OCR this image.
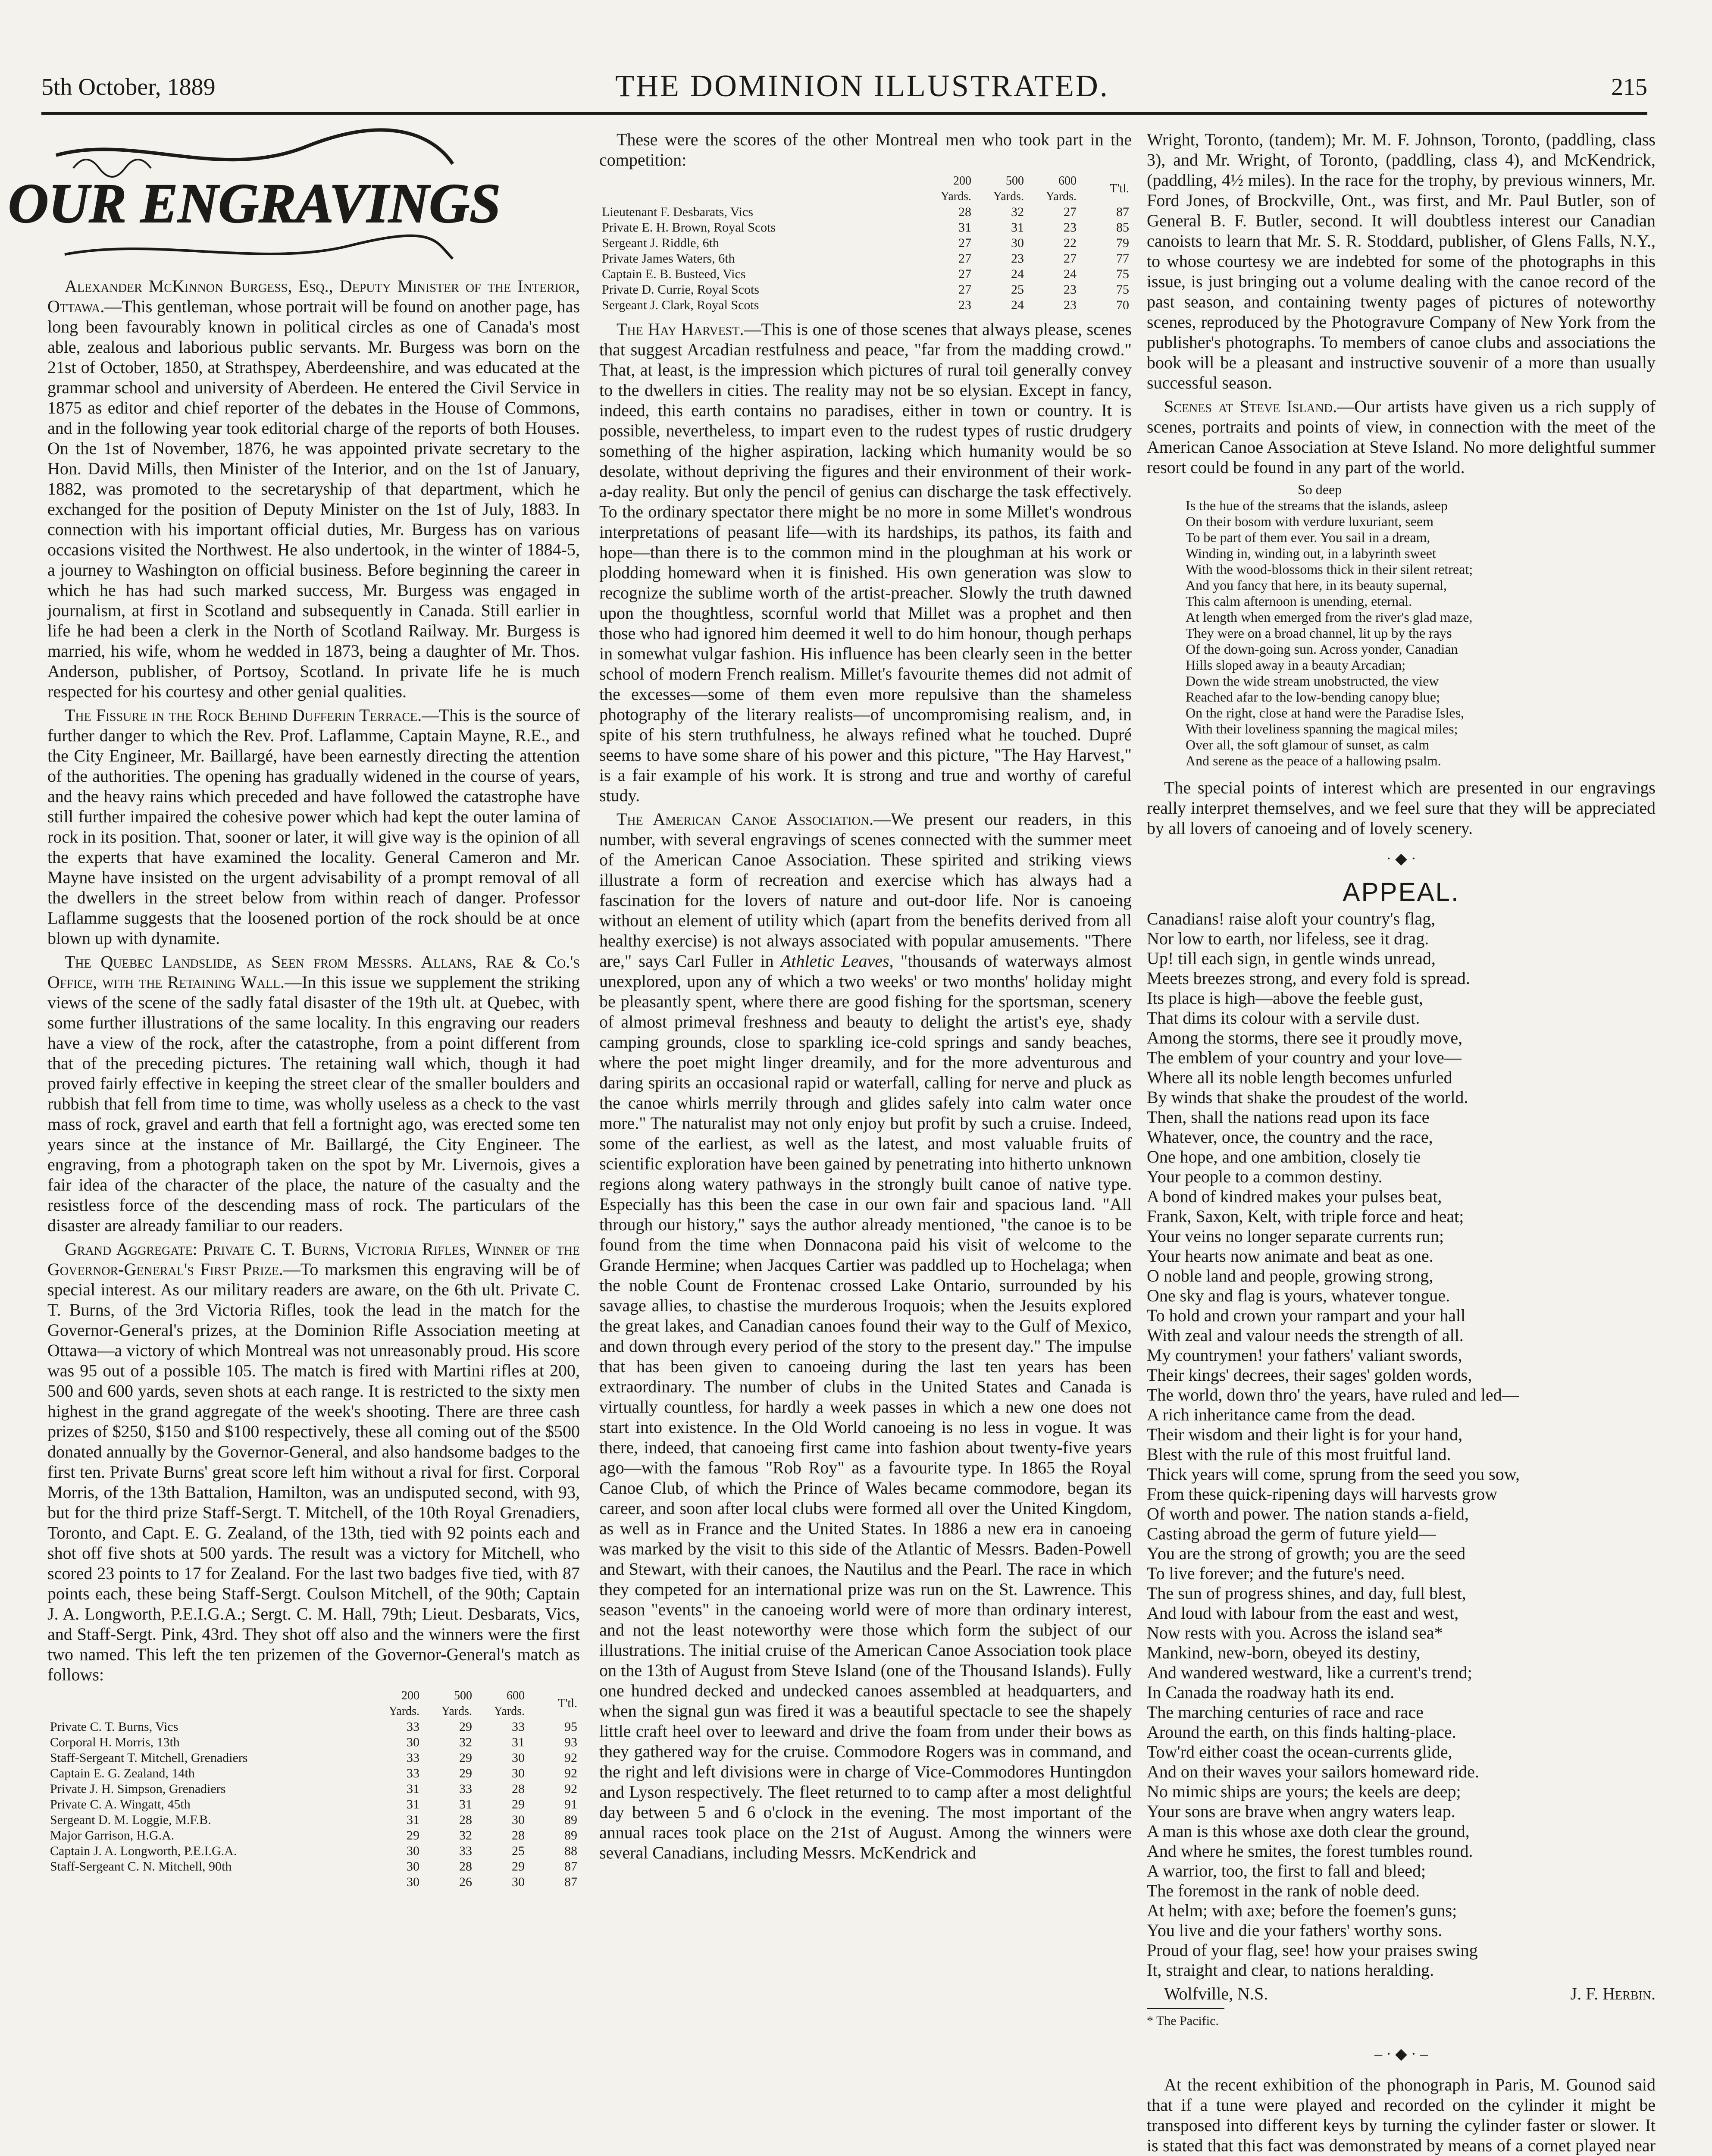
5th October, 1889	THE DOMINION ILLUSTRATED.	215
OUR ENGRAVINGS

Alexander McKinnon Burgess, Esq., Deputy Minister of the Interior, Ottawa.—This gentleman, whose portrait will be found on another page, has long been favourably known in political circles as one of Canada's most able, zealous and laborious public servants. Mr. Burgess was born on the 21st of October, 1850, at Strathspey, Aberdeenshire, and was educated at the grammar school and university of Aberdeen. He entered the Civil Service in 1875 as editor and chief reporter of the debates in the House of Commons, and in the following year took editorial charge of the reports of both Houses. On the 1st of November, 1876, he was appointed private secretary to the Hon. David Mills, then Minister of the Interior, and on the 1st of January, 1882, was promoted to the secretaryship of that department, which he exchanged for the position of Deputy Minister on the 1st of July, 1883. In connection with his important official duties, Mr. Burgess has on various occasions visited the Northwest. He also undertook, in the winter of 1884-5, a journey to Washington on official business. Before beginning the career in which he has had such marked success, Mr. Burgess was engaged in journalism, at first in Scotland and subsequently in Canada. Still earlier in life he had been a clerk in the North of Scotland Railway. Mr. Burgess is married, his wife, whom he wedded in 1873, being a daughter of Mr. Thos. Anderson, publisher, of Portsoy, Scotland. In private life he is much respected for his courtesy and other genial qualities.

The Fissure in the Rock Behind Dufferin Terrace.—This is the source of further danger to which the Rev. Prof. Laflamme, Captain Mayne, R.E., and the City Engineer, Mr. Baillargé, have been earnestly directing the attention of the authorities. The opening has gradually widened in the course of years, and the heavy rains which preceded and have followed the catastrophe have still further impaired the cohesive power which had kept the outer lamina of rock in its position. That, sooner or later, it will give way is the opinion of all the experts that have examined the locality. General Cameron and Mr. Mayne have insisted on the urgent advisability of a prompt removal of all the dwellers in the street below from within reach of danger. Professor Laflamme suggests that the loosened portion of the rock should be at once blown up with dynamite.

The Quebec Landslide, as Seen from Messrs. Allans, Rae & Co.'s Office, with the Retaining Wall.—In this issue we supplement the striking views of the scene of the sadly fatal disaster of the 19th ult. at Quebec, with some further illustrations of the same locality. In this engraving our readers have a view of the rock, after the catastrophe, from a point different from that of the preceding pictures. The retaining wall which, though it had proved fairly effective in keeping the street clear of the smaller boulders and rubbish that fell from time to time, was wholly useless as a check to the vast mass of rock, gravel and earth that fell a fortnight ago, was erected some ten years since at the instance of Mr. Baillargé, the City Engineer. The engraving, from a photograph taken on the spot by Mr. Livernois, gives a fair idea of the character of the place, the nature of the casualty and the resistless force of the descending mass of rock. The particulars of the disaster are already familiar to our readers.

Grand Aggregate: Private C. T. Burns, Victoria Rifles, Winner of the Governor-General's First Prize.—To marksmen this engraving will be of special interest. As our military readers are aware, on the 6th ult. Private C. T. Burns, of the 3rd Victoria Rifles, took the lead in the match for the Governor-General's prizes, at the Dominion Rifle Association meeting at Ottawa—a victory of which Montreal was not unreasonably proud. His score was 95 out of a possible 105. The match is fired with Martini rifles at 200, 500 and 600 yards, seven shots at each range. It is restricted to the sixty men highest in the grand aggregate of the week's shooting. There are three cash prizes of $250, $150 and $100 respectively, these all coming out of the $500 donated annually by the Governor-General, and also handsome badges to the first ten. Private Burns' great score left him without a rival for first. Corporal Morris, of the 13th Battalion, Hamilton, was an undisputed second, with 93, but for the third prize Staff-Sergt. T. Mitchell, of the 10th Royal Grenadiers, Toronto, and Capt. E. G. Zealand, of the 13th, tied with 92 points each and shot off five shots at 500 yards. The result was a victory for Mitchell, who scored 23 points to 17 for Zealand. For the last two badges five tied, with 87 points each, these being Staff-Sergt. Coulson Mitchell, of the 90th; Captain J. A. Longworth, P.E.I.G.A.; Sergt. C. M. Hall, 79th; Lieut. Desbarats, Vics, and Staff-Sergt. Pink, 43rd. They shot off also and the winners were the first two named. This left the ten prizemen of the Governor-General's match as follows:

	200 Yards.	500 Yards.	600 Yards.	T'tl.
Private C. T. Burns, Vics	33	29	33	95
Corporal H. Morris, 13th	30	32	31	93
Staff-Sergeant T. Mitchell, Grenadiers	33	29	30	92
Captain E. G. Zealand, 14th	33	29	30	92
Private J. H. Simpson, Grenadiers	31	33	28	92
Private C. A. Wingatt, 45th	31	31	29	91
Sergeant D. M. Loggie, M.F.B.	31	28	30	89
Major Garrison, H.G.A.	29	32	28	89
Captain J. A. Longworth, P.E.I.G.A.	30	33	25	88
Staff-Sergeant C. N. Mitchell, 90th	30	28	29	87
	30	26	30	87

These were the scores of the other Montreal men who took part in the competition:

	200 Yards.	500 Yards.	600 Yards.	T'tl.
Lieutenant F. Desbarats, Vics	28	32	27	87
Private E. H. Brown, Royal Scots	31	31	23	85
Sergeant J. Riddle, 6th	27	30	22	79
Private James Waters, 6th	27	23	27	77
Captain E. B. Busteed, Vics	27	24	24	75
Private D. Currie, Royal Scots	27	25	23	75
Sergeant J. Clark, Royal Scots	23	24	23	70

The Hay Harvest.—This is one of those scenes that always please, scenes that suggest Arcadian restfulness and peace, "far from the madding crowd." That, at least, is the impression which pictures of rural toil generally convey to the dwellers in cities. The reality may not be so elysian. Except in fancy, indeed, this earth contains no paradises, either in town or country. It is possible, nevertheless, to impart even to the rudest types of rustic drudgery something of the higher aspiration, lacking which humanity would be so desolate, without depriving the figures and their environment of their work-a-day reality. But only the pencil of genius can discharge the task effectively. To the ordinary spectator there might be no more in some Millet's wondrous interpretations of peasant life—with its hardships, its pathos, its faith and hope—than there is to the common mind in the ploughman at his work or plodding homeward when it is finished. His own generation was slow to recognize the sublime worth of the artist-preacher. Slowly the truth dawned upon the thoughtless, scornful world that Millet was a prophet and then those who had ignored him deemed it well to do him honour, though perhaps in somewhat vulgar fashion. His influence has been clearly seen in the better school of modern French realism. Millet's favourite themes did not admit of the excesses—some of them even more repulsive than the shameless photography of the literary realists—of uncompromising realism, and, in spite of his stern truthfulness, he always refined what he touched. Dupré seems to have some share of his power and this picture, "The Hay Harvest," is a fair example of his work. It is strong and true and worthy of careful study.

The American Canoe Association.—We present our readers, in this number, with several engravings of scenes connected with the summer meet of the American Canoe Association. These spirited and striking views illustrate a form of recreation and exercise which has always had a fascination for the lovers of nature and out-door life. Nor is canoeing without an element of utility which (apart from the benefits derived from all healthy exercise) is not always associated with popular amusements. "There are," says Carl Fuller in Athletic Leaves, "thousands of waterways almost unexplored, upon any of which a two weeks' or two months' holiday might be pleasantly spent, where there are good fishing for the sportsman, scenery of almost primeval freshness and beauty to delight the artist's eye, shady camping grounds, close to sparkling ice-cold springs and sandy beaches, where the poet might linger dreamily, and for the more adventurous and daring spirits an occasional rapid or waterfall, calling for nerve and pluck as the canoe whirls merrily through and glides safely into calm water once more." The naturalist may not only enjoy but profit by such a cruise. Indeed, some of the earliest, as well as the latest, and most valuable fruits of scientific exploration have been gained by penetrating into hitherto unknown regions along watery pathways in the strongly built canoe of native type. Especially has this been the case in our own fair and spacious land. "All through our history," says the author already mentioned, "the canoe is to be found from the time when Donnacona paid his visit of welcome to the Grande Hermine; when Jacques Cartier was paddled up to Hochelaga; when the noble Count de Frontenac crossed Lake Ontario, surrounded by his savage allies, to chastise the murderous Iroquois; when the Jesuits explored the great lakes, and Canadian canoes found their way to the Gulf of Mexico, and down through every period of the story to the present day." The impulse that has been given to canoeing during the last ten years has been extraordinary. The number of clubs in the United States and Canada is virtually countless, for hardly a week passes in which a new one does not start into existence. In the Old World canoeing is no less in vogue. It was there, indeed, that canoeing first came into fashion about twenty-five years ago—with the famous "Rob Roy" as a favourite type. In 1865 the Royal Canoe Club, of which the Prince of Wales became commodore, began its career, and soon after local clubs were formed all over the United Kingdom, as well as in France and the United States. In 1886 a new era in canoeing was marked by the visit to this side of the Atlantic of Messrs. Baden-Powell and Stewart, with their canoes, the Nautilus and the Pearl. The race in which they competed for an international prize was run on the St. Lawrence. This season "events" in the canoeing world were of more than ordinary interest, and not the least noteworthy were those which form the subject of our illustrations. The initial cruise of the American Canoe Association took place on the 13th of August from Steve Island (one of the Thousand Islands). Fully one hundred decked and undecked canoes assembled at headquarters, and when the signal gun was fired it was a beautiful spectacle to see the shapely little craft heel over to leeward and drive the foam from under their bows as they gathered way for the cruise. Commodore Rogers was in command, and the right and left divisions were in charge of Vice-Commodores Huntingdon and Lyson respectively. The fleet returned to to camp after a most delightful day between 5 and 6 o'clock in the evening. The most important of the annual races took place on the 21st of August. Among the winners were several Canadians, including Messrs. McKendrick and

Wright, Toronto, (tandem); Mr. M. F. Johnson, Toronto, (paddling, class 3), and Mr. Wright, of Toronto, (paddling, class 4), and McKendrick, (paddling, 4½ miles). In the race for the trophy, by previous winners, Mr. Ford Jones, of Brockville, Ont., was first, and Mr. Paul Butler, son of General B. F. Butler, second. It will doubtless interest our Canadian canoists to learn that Mr. S. R. Stoddard, publisher, of Glens Falls, N.Y., to whose courtesy we are indebted for some of the photographs in this issue, is just bringing out a volume dealing with the canoe record of the past season, and containing twenty pages of pictures of noteworthy scenes, reproduced by the Photogravure Company of New York from the publisher's photographs. To members of canoe clubs and associations the book will be a pleasant and instructive souvenir of a more than usually successful season.

Scenes at Steve Island.—Our artists have given us a rich supply of scenes, portraits and points of view, in connection with the meet of the American Canoe Association at Steve Island. No more delightful summer resort could be found in any part of the world.

So deep
Is the hue of the streams that the islands, asleep
On their bosom with verdure luxuriant, seem
To be part of them ever. You sail in a dream,
Winding in, winding out, in a labyrinth sweet
With the wood-blossoms thick in their silent retreat;
And you fancy that here, in its beauty supernal,
This calm afternoon is unending, eternal.
At length when emerged from the river's glad maze,
They were on a broad channel, lit up by the rays
Of the down-going sun. Across yonder, Canadian
Hills sloped away in a beauty Arcadian;
Down the wide stream unobstructed, the view
Reached afar to the low-bending canopy blue;
On the right, close at hand were the Paradise Isles,
With their loveliness spanning the magical miles;
Over all, the soft glamour of sunset, as calm
And serene as the peace of a hallowing psalm.

The special points of interest which are presented in our engravings really interpret themselves, and we feel sure that they will be appreciated by all lovers of canoeing and of lovely scenery.

· ◆ ·
APPEAL.
Canadians! raise aloft your country's flag,
Nor low to earth, nor lifeless, see it drag.
Up! till each sign, in gentle winds unread,
Meets breezes strong, and every fold is spread.
Its place is high—above the feeble gust,
That dims its colour with a servile dust.
Among the storms, there see it proudly move,
The emblem of your country and your love—
Where all its noble length becomes unfurled
By winds that shake the proudest of the world.
Then, shall the nations read upon its face
Whatever, once, the country and the race,
One hope, and one ambition, closely tie
Your people to a common destiny.
A bond of kindred makes your pulses beat,
Frank, Saxon, Kelt, with triple force and heat;
Your veins no longer separate currents run;
Your hearts now animate and beat as one.
O noble land and people, growing strong,
One sky and flag is yours, whatever tongue.
To hold and crown your rampart and your hall
With zeal and valour needs the strength of all.
My countrymen! your fathers' valiant swords,
Their kings' decrees, their sages' golden words,
The world, down thro' the years, have ruled and led—
A rich inheritance came from the dead.
Their wisdom and their light is for your hand,
Blest with the rule of this most fruitful land.
Thick years will come, sprung from the seed you sow,
From these quick-ripening days will harvests grow
Of worth and power. The nation stands a-field,
Casting abroad the germ of future yield—
You are the strong of growth; you are the seed
To live forever; and the future's need.
The sun of progress shines, and day, full blest,
And loud with labour from the east and west,
Now rests with you. Across the island sea*
Mankind, new-born, obeyed its destiny,
And wandered westward, like a current's trend;
In Canada the roadway hath its end.
The marching centuries of race and race
Around the earth, on this finds halting-place.
Tow'rd either coast the ocean-currents glide,
And on their waves your sailors homeward ride.
No mimic ships are yours; the keels are deep;
Your sons are brave when angry waters leap.
A man is this whose axe doth clear the ground,
And where he smites, the forest tumbles round.
A warrior, too, the first to fall and bleed;
The foremost in the rank of noble deed.
At helm; with axe; before the foemen's guns;
You live and die your fathers' worthy sons.
Proud of your flag, see! how your praises swing
It, straight and clear, to nations heralding.
Wolfville, N.S.	J. F. Herbin.
* The Pacific.
– · ◆ · –

At the recent exhibition of the phonograph in Paris, M. Gounod said that if a tune were played and recorded on the cylinder it might be transposed into different keys by turning the cylinder faster or slower. It is stated that this fact was demonstrated by means of a cornet played near
